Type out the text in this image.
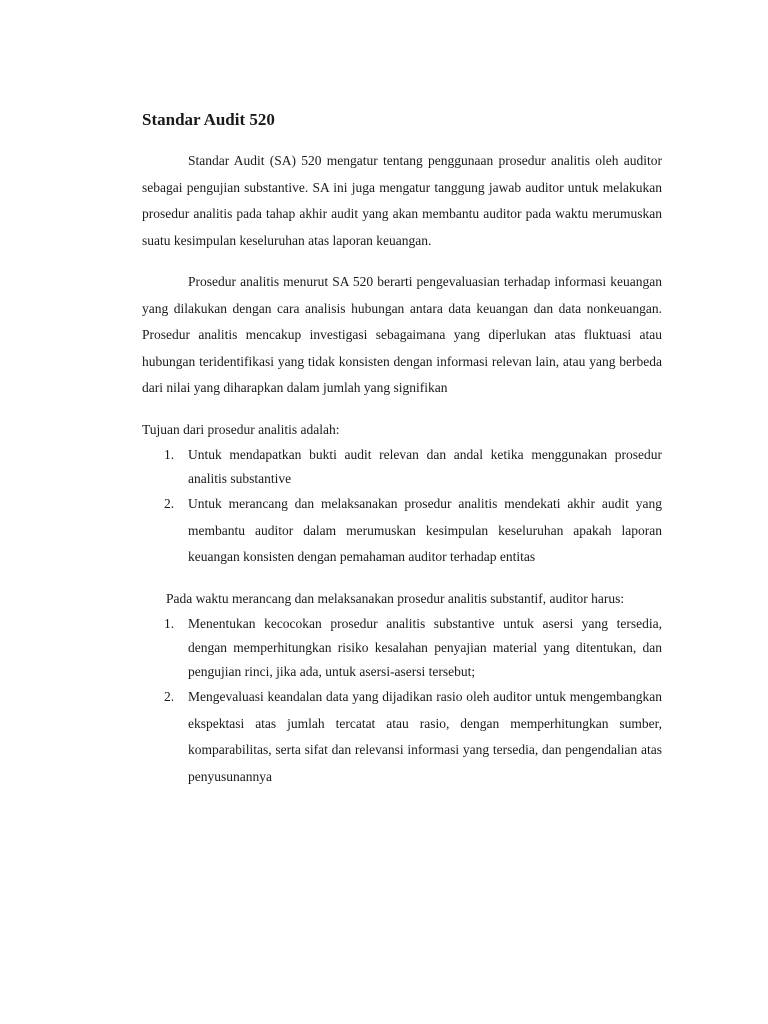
Standar Audit 520

Standar Audit (SA) 520 mengatur tentang penggunaan prosedur analitis oleh auditor sebagai pengujian substantive. SA ini juga mengatur tanggung jawab auditor untuk melakukan prosedur analitis pada tahap akhir audit yang akan membantu auditor pada waktu merumuskan suatu kesimpulan keseluruhan atas laporan keuangan.

Prosedur analitis menurut SA 520 berarti pengevaluasian terhadap informasi keuangan yang dilakukan dengan cara analisis hubungan antara data keuangan dan data nonkeuangan. Prosedur analitis mencakup investigasi sebagaimana yang diperlukan atas fluktuasi atau hubungan teridentifikasi yang tidak konsisten dengan informasi relevan lain, atau yang berbeda dari nilai yang diharapkan dalam jumlah yang signifikan

Tujuan dari prosedur analitis adalah:

1. Untuk mendapatkan bukti audit relevan dan andal ketika menggunakan prosedur analitis substantive
2. Untuk merancang dan melaksanakan prosedur analitis mendekati akhir audit yang membantu auditor dalam merumuskan kesimpulan keseluruhan apakah laporan keuangan konsisten dengan pemahaman auditor terhadap entitas

Pada waktu merancang dan melaksanakan prosedur analitis substantif, auditor harus:

1. Menentukan kecocokan prosedur analitis substantive untuk asersi yang tersedia, dengan memperhitungkan risiko kesalahan penyajian material yang ditentukan, dan pengujian rinci, jika ada, untuk asersi-asersi tersebut;
2. Mengevaluasi keandalan data yang dijadikan rasio oleh auditor untuk mengembangkan ekspektasi atas jumlah tercatat atau rasio, dengan memperhitungkan sumber, komparabilitas, serta sifat dan relevansi informasi yang tersedia, dan pengendalian atas penyusunannya
